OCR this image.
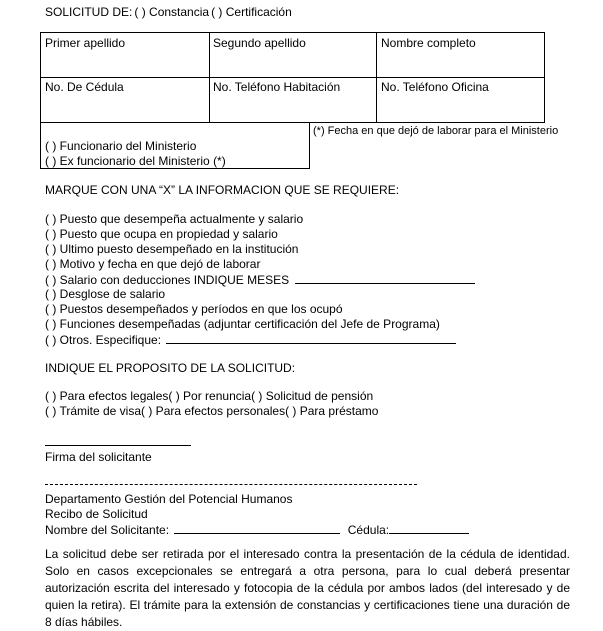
SOLICITUD DE: ( ) Constancia ( ) Certificación
Primer apellido	Segundo apellido	Nombre completo
No. De Cédula	No. Teléfono Habitación	No. Teléfono Oficina
( ) Funcionario del Ministerio
( ) Ex funcionario del Ministerio (*)
(*) Fecha en que dejó de laborar para el Ministerio
MARQUE CON UNA “X” LA INFORMACION QUE SE REQUIERE:
( ) Puesto que desempeña actualmente y salario
( ) Puesto que ocupa en propiedad y salario
( ) Ultimo puesto desempeñado en la institución
( ) Motivo y fecha en que dejó de laborar
( ) Salario con deducciones INDIQUE MESES
( ) Desglose de salario
( ) Puestos desempeñados y períodos en que los ocupó
( ) Funciones desempeñadas (adjuntar certificación del Jefe de Programa)
( ) Otros. Especifique:
INDIQUE EL PROPOSITO DE LA SOLICITUD:
( ) Para efectos legales( ) Por renuncia( ) Solicitud de pensión
( ) Trámite de visa( ) Para efectos personales( ) Para préstamo
Firma del solicitante
Departamento Gestión del Potencial Humanos
Recibo de Solicitud
Nombre del Solicitante:	Cédula:
La solicitud debe ser retirada por el interesado contra la presentación de la cédula de identidad. Solo en casos excepcionales se entregará a otra persona, para lo cual deberá presentar autorización escrita del interesado y fotocopia de la cédula por ambos lados (del interesado y de quien la retira). El trámite para la extensión de constancias y certificaciones tiene una duración de 8 días hábiles.
